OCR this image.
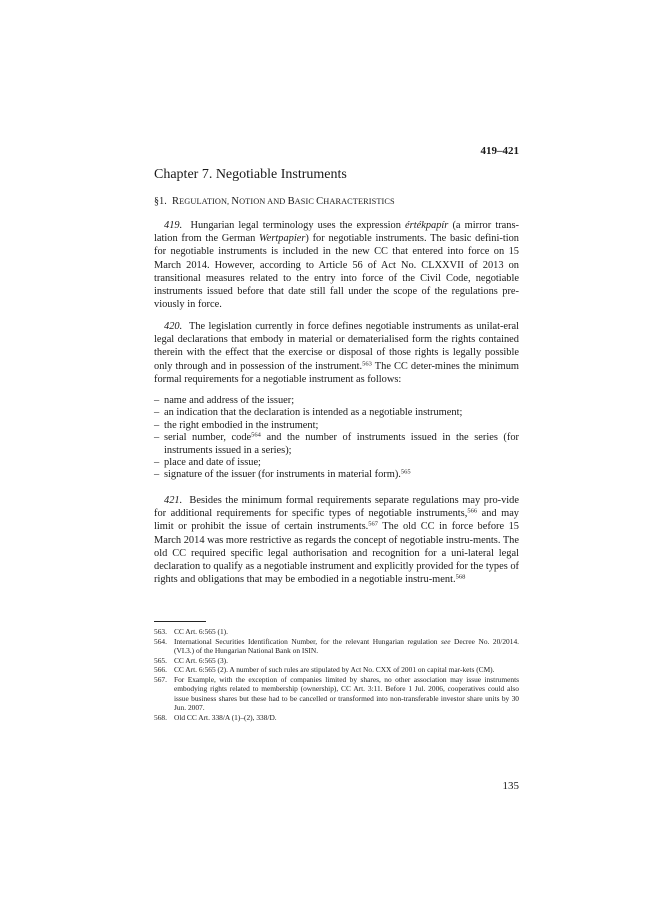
419–421
Chapter 7. Negotiable Instruments
§1. REGULATION, NOTION AND BASIC CHARACTERISTICS

419. Hungarian legal terminology uses the expression értékpapír (a mirror trans-lation from the German Wertpapier) for negotiable instruments. The basic defini-tion for negotiable instruments is included in the new CC that entered into force on 15 March 2014. However, according to Article 56 of Act No. CLXXVII of 2013 on transitional measures related to the entry into force of the Civil Code, negotiable instruments issued before that date still fall under the scope of the regulations pre-viously in force.

420. The legislation currently in force defines negotiable instruments as unilat-eral legal declarations that embody in material or dematerialised form the rights contained therein with the effect that the exercise or disposal of those rights is legally possible only through and in possession of the instrument.$^{563}$ The CC deter-mines the minimum formal requirements for a negotiable instrument as follows:

– name and address of the issuer;
– an indication that the declaration is intended as a negotiable instrument;
– the right embodied in the instrument;
– serial number, code$^{564}$ and the number of instruments issued in the series (for instruments issued in a series);
– place and date of issue;
– signature of the issuer (for instruments in material form).$^{565}$

421. Besides the minimum formal requirements separate regulations may pro-vide for additional requirements for specific types of negotiable instruments,$^{566}$ and may limit or prohibit the issue of certain instruments.$^{567}$ The old CC in force before 15 March 2014 was more restrictive as regards the concept of negotiable instru-ments. The old CC required specific legal authorisation and recognition for a uni-lateral legal declaration to qualify as a negotiable instrument and explicitly provided for the types of rights and obligations that may be embodied in a negotiable instru-ment.$^{568}$

563. CC Art. 6:565 (1).
564. International Securities Identification Number, for the relevant Hungarian regulation see Decree No. 20/2014. (VI.3.) of the Hungarian National Bank on ISIN.
565. CC Art. 6:565 (3).
566. CC Art. 6:565 (2). A number of such rules are stipulated by Act No. CXX of 2001 on capital mar-kets (CM).
567. For Example, with the exception of companies limited by shares, no other association may issue instruments embodying rights related to membership (ownership), CC Art. 3:11. Before 1 Jul. 2006, cooperatives could also issue business shares but these had to be cancelled or transformed into non-transferable investor share units by 30 Jun. 2007.
568. Old CC Art. 338/A (1)–(2), 338/D.
135
